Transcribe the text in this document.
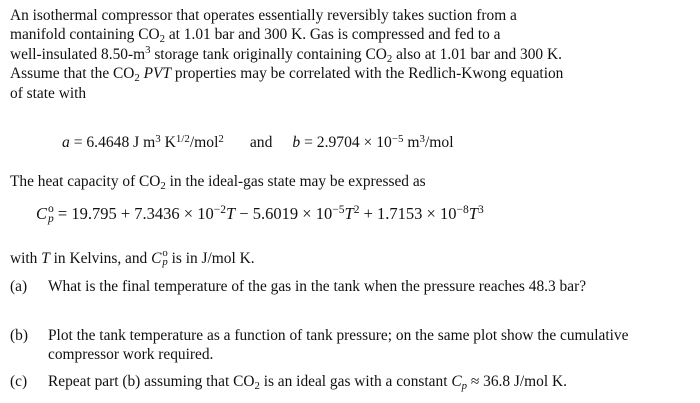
An isothermal compressor that operates essentially reversibly takes suction from a
manifold containing $CO_2$ at 1.01 bar and 300 K. Gas is compressed and fed to a
well-insulated $8.50-m^3$ storage tank originally containing $CO_2$ also at 1.01 bar and 300 K.
Assume that the $CO_2$ PVT properties may be correlated with the Redlich-Kwong equation
of state with
a = 6.4648 J $m^3$ $K^{1/2}/mol^2$ and $b = 2.9704 \times 10^{-5}$ $m^3$/mol
The heat capacity of $CO_2$ in the ideal-gas state may be expressed as
C o
$p = 19.795 + 7.3436 \times 10^{-2}T - 5.6019 \times 10^{-5}T^2 + 1.7153 \times 10^{-8}T^3$
with T in Kelvins, and C o
p is in J/mol K.
(a)	What is the final temperature of the gas in the tank when the pressure reaches 48.3 bar?
(b)	Plot the tank temperature as a function of tank pressure; on the same plot show the cumulative compressor work required.
(c)	Repeat part (b) assuming that $CO_2$ is an ideal gas with a constant $C_p \approx 36.8$ J/mol K.
